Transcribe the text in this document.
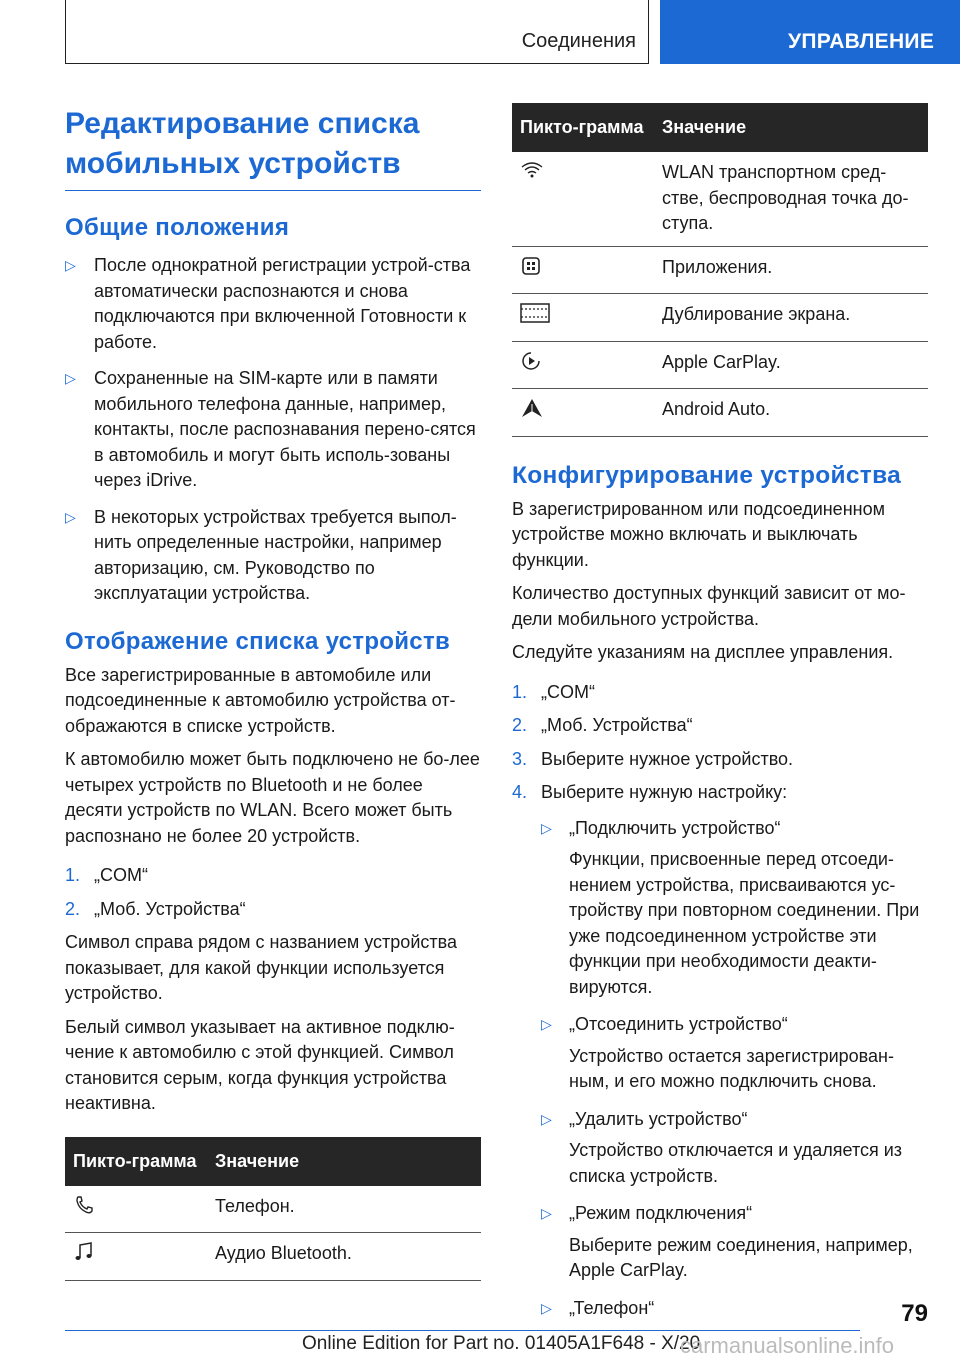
Соединения	УПРАВЛЕНИЕ
Редактирование списка мобильных устройств
Общие положения
▷ После однократной регистрации устрой-ства автоматически распознаются и снова подключаются при включенной Готовности к работе.
▷ Сохраненные на SIM-карте или в памяти мобильного телефона данные, например, контакты, после распознавания перено-сятся в автомобиль и могут быть исполь-зованы через iDrive.
▷ В некоторых устройствах требуется выпол-нить определенные настройки, например авторизацию, см. Руководство по эксплуатации устройства.
Отображение списка устройств

Все зарегистрированные в автомобиле или подсоединенные к автомобилю устройства от-ображаются в списке устройств.

К автомобилю может быть подключено не бо-лее четырех устройств по Bluetooth и не более десяти устройств по WLAN. Всего может быть распознано не более 20 устройств.

1. „COM“
2. „Моб. Устройства“

Символ справа рядом с названием устройства показывает, для какой функции используется устройство.

Белый символ указывает на активное подклю-чение к автомобилю с этой функцией. Символ становится серым, когда функция устройства неактивна.

Пикто-грамма	Значение
	Телефон.
	Аудио Bluetooth.
Пикто-грамма	Значение
	WLAN транспортном сред-стве, беспроводная точка до-ступа.
	Приложения.
	Дублирование экрана.
	Apple CarPlay.
	Android Auto.
Конфигурирование устройства

В зарегистрированном или подсоединенном устройстве можно включать и выключать функции.

Количество доступных функций зависит от мо-дели мобильного устройства.

Следуйте указаниям на дисплее управления.

1. „COM“
2. „Моб. Устройства“
3. Выберите нужное устройство.
4. Выберите нужную настройку:
▷ „Подключить устройство“
Функции, присвоенные перед отсоеди-нением устройства, присваиваются ус-тройству при повторном соединении. При уже подсоединенном устройстве эти функции при необходимости деакти-вируются.
▷ „Отсоединить устройство“
Устройство остается зарегистрирован-ным, и его можно подключить снова.
▷ „Удалить устройство“
Устройство отключается и удаляется из списка устройств.
▷ „Режим подключения“
Выберите режим соединения, например, Apple CarPlay.
▷ „Телефон“	79
Online Edition for Part no. 01405A1F648 - X/20
carmanualsonline.info
